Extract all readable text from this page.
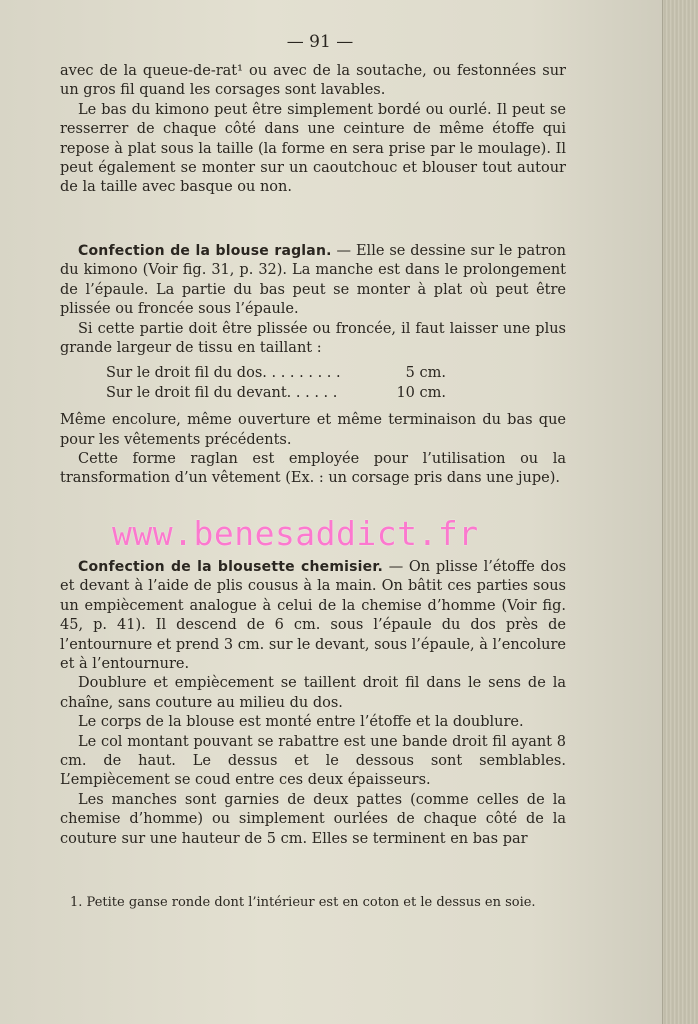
— 91 —

avec de la queue-de-rat¹ ou avec de la soutache, ou festonnées sur un gros fil quand les corsages sont lavables.

Le bas du kimono peut être simplement bordé ou ourlé. Il peut se resserrer de chaque côté dans une ceinture de même étoffe qui repose à plat sous la taille (la forme en sera prise par le moulage). Il peut également se monter sur un caoutchouc et blouser tout autour de la taille avec basque ou non.

Confection de la blouse raglan. — Elle se dessine sur le patron du kimono (Voir fig. 31, p. 32). La manche est dans le prolongement de l’épaule. La partie du bas peut se monter à plat où peut être plissée ou froncée sous l’épaule.

Si cette partie doit être plissée ou froncée, il faut laisser une plus grande largeur de tissu en taillant :

Sur le droit fil du dos. . . . . . . . .	5 cm.
Sur le droit fil du devant. . . . . .	10 cm.

Même encolure, même ouverture et même terminaison du bas que pour les vêtements précédents.

Cette forme raglan est employée pour l’utilisation ou la transformation d’un vêtement (Ex. : un corsage pris dans une jupe).

Confection de la blousette chemisier. — On plisse l’étoffe dos et devant à l’aide de plis cousus à la main. On bâtit ces parties sous un empiècement analogue à celui de la chemise d’homme (Voir fig. 45, p. 41). Il descend de 6 cm. sous l’épaule du dos près de l’entournure et prend 3 cm. sur le devant, sous l’épaule, à l’encolure et à l’entournure.

Doublure et empiècement se taillent droit fil dans le sens de la chaîne, sans couture au milieu du dos.

Le corps de la blouse est monté entre l’étoffe et la doublure.

Le col montant pouvant se rabattre est une bande droit fil ayant 8 cm. de haut. Le dessus et le dessous sont semblables. L’empiècement se coud entre ces deux épaisseurs.

Les manches sont garnies de deux pattes (comme celles de la chemise d’homme) ou simplement ourlées de chaque côté de la couture sur une hauteur de 5 cm. Elles se terminent en bas par

www.benesaddict.fr
1. Petite ganse ronde dont l’intérieur est en coton et le dessus en soie.
